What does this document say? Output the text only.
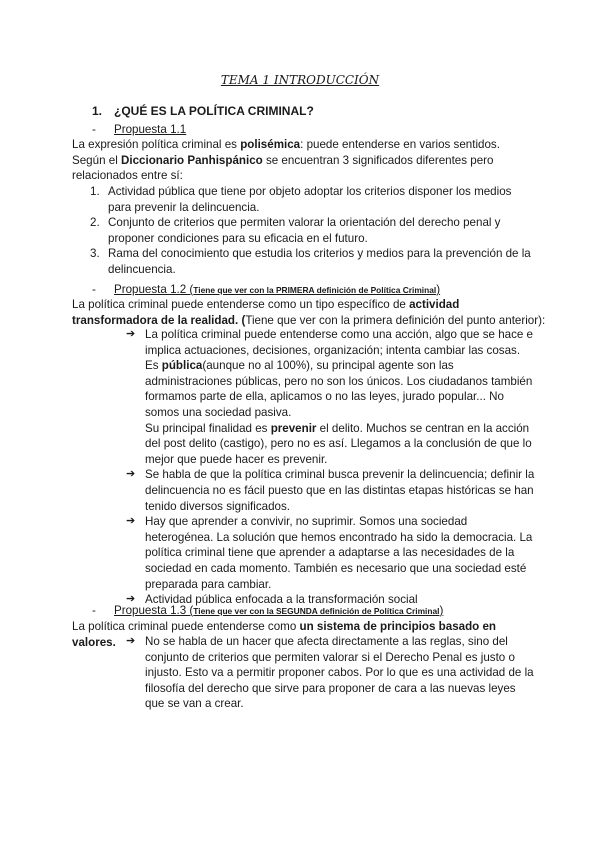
TEMA 1 INTRODUCCIÓN
1. ¿QUÉ ES LA POLÍTICA CRIMINAL?
- Propuesta 1.1
La expresión política criminal es polisémica: puede entenderse en varios sentidos.
Según el Diccionario Panhispánico se encuentran 3 significados diferentes pero relacionados entre sí:
1. Actividad pública que tiene por objeto adoptar los criterios disponer los medios para prevenir la delincuencia.
2. Conjunto de criterios que permiten valorar la orientación del derecho penal y proponer condiciones para su eficacia en el futuro.
3. Rama del conocimiento que estudia los criterios y medios para la prevención de la delincuencia.
- Propuesta 1.2 (Tiene que ver con la PRIMERA definición de Política Criminal)
La política criminal puede entenderse como un tipo específico de actividad transformadora de la realidad. (Tiene que ver con la primera definición del punto anterior):
➔ La política criminal puede entenderse como una acción, algo que se hace e implica actuaciones, decisiones, organización; intenta cambiar las cosas.
Es pública(aunque no al 100%), su principal agente son las administraciones públicas, pero no son los únicos. Los ciudadanos también formamos parte de ella, aplicamos o no las leyes, jurado popular... No somos una sociedad pasiva.
Su principal finalidad es prevenir el delito. Muchos se centran en la acción del post delito (castigo), pero no es así. Llegamos a la conclusión de que lo mejor que puede hacer es prevenir.
➔ Se habla de que la política criminal busca prevenir la delincuencia; definir la delincuencia no es fácil puesto que en las distintas etapas históricas se han tenido diversos significados.
➔ Hay que aprender a convivir, no suprimir. Somos una sociedad heterogénea. La solución que hemos encontrado ha sido la democracia. La política criminal tiene que aprender a adaptarse a las necesidades de la sociedad en cada momento. También es necesario que una sociedad esté preparada para cambiar.
➔ Actividad pública enfocada a la transformación social
- Propuesta 1.3 (Tiene que ver con la SEGUNDA definición de Política Criminal)
La política criminal puede entenderse como un sistema de principios basado en valores. ➔ No se habla de un hacer que afecta directamente a las reglas, sino del conjunto de criterios que permiten valorar si el Derecho Penal es justo o injusto. Esto va a permitir proponer cabos. Por lo que es una actividad de la filosofía del derecho que sirve para proponer de cara a las nuevas leyes que se van a crear.
